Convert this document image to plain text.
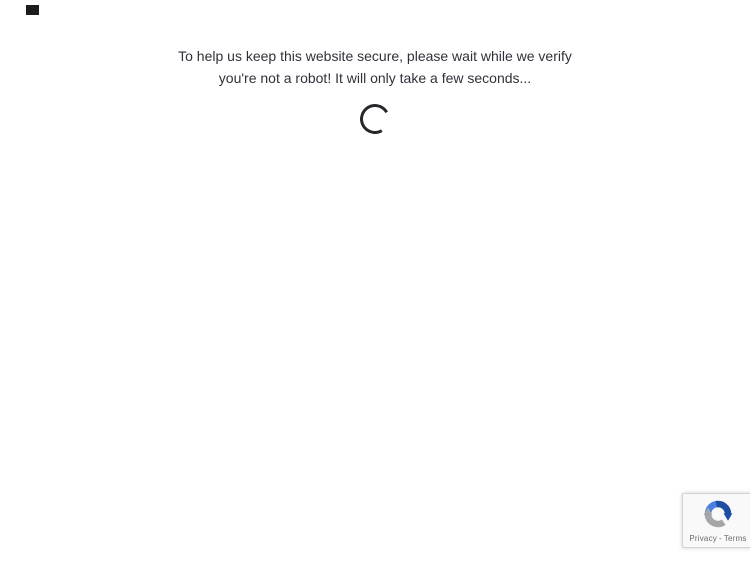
To help us keep this website secure, please wait while we verify
you're not a robot! It will only take a few seconds...
Privacy - Terms
